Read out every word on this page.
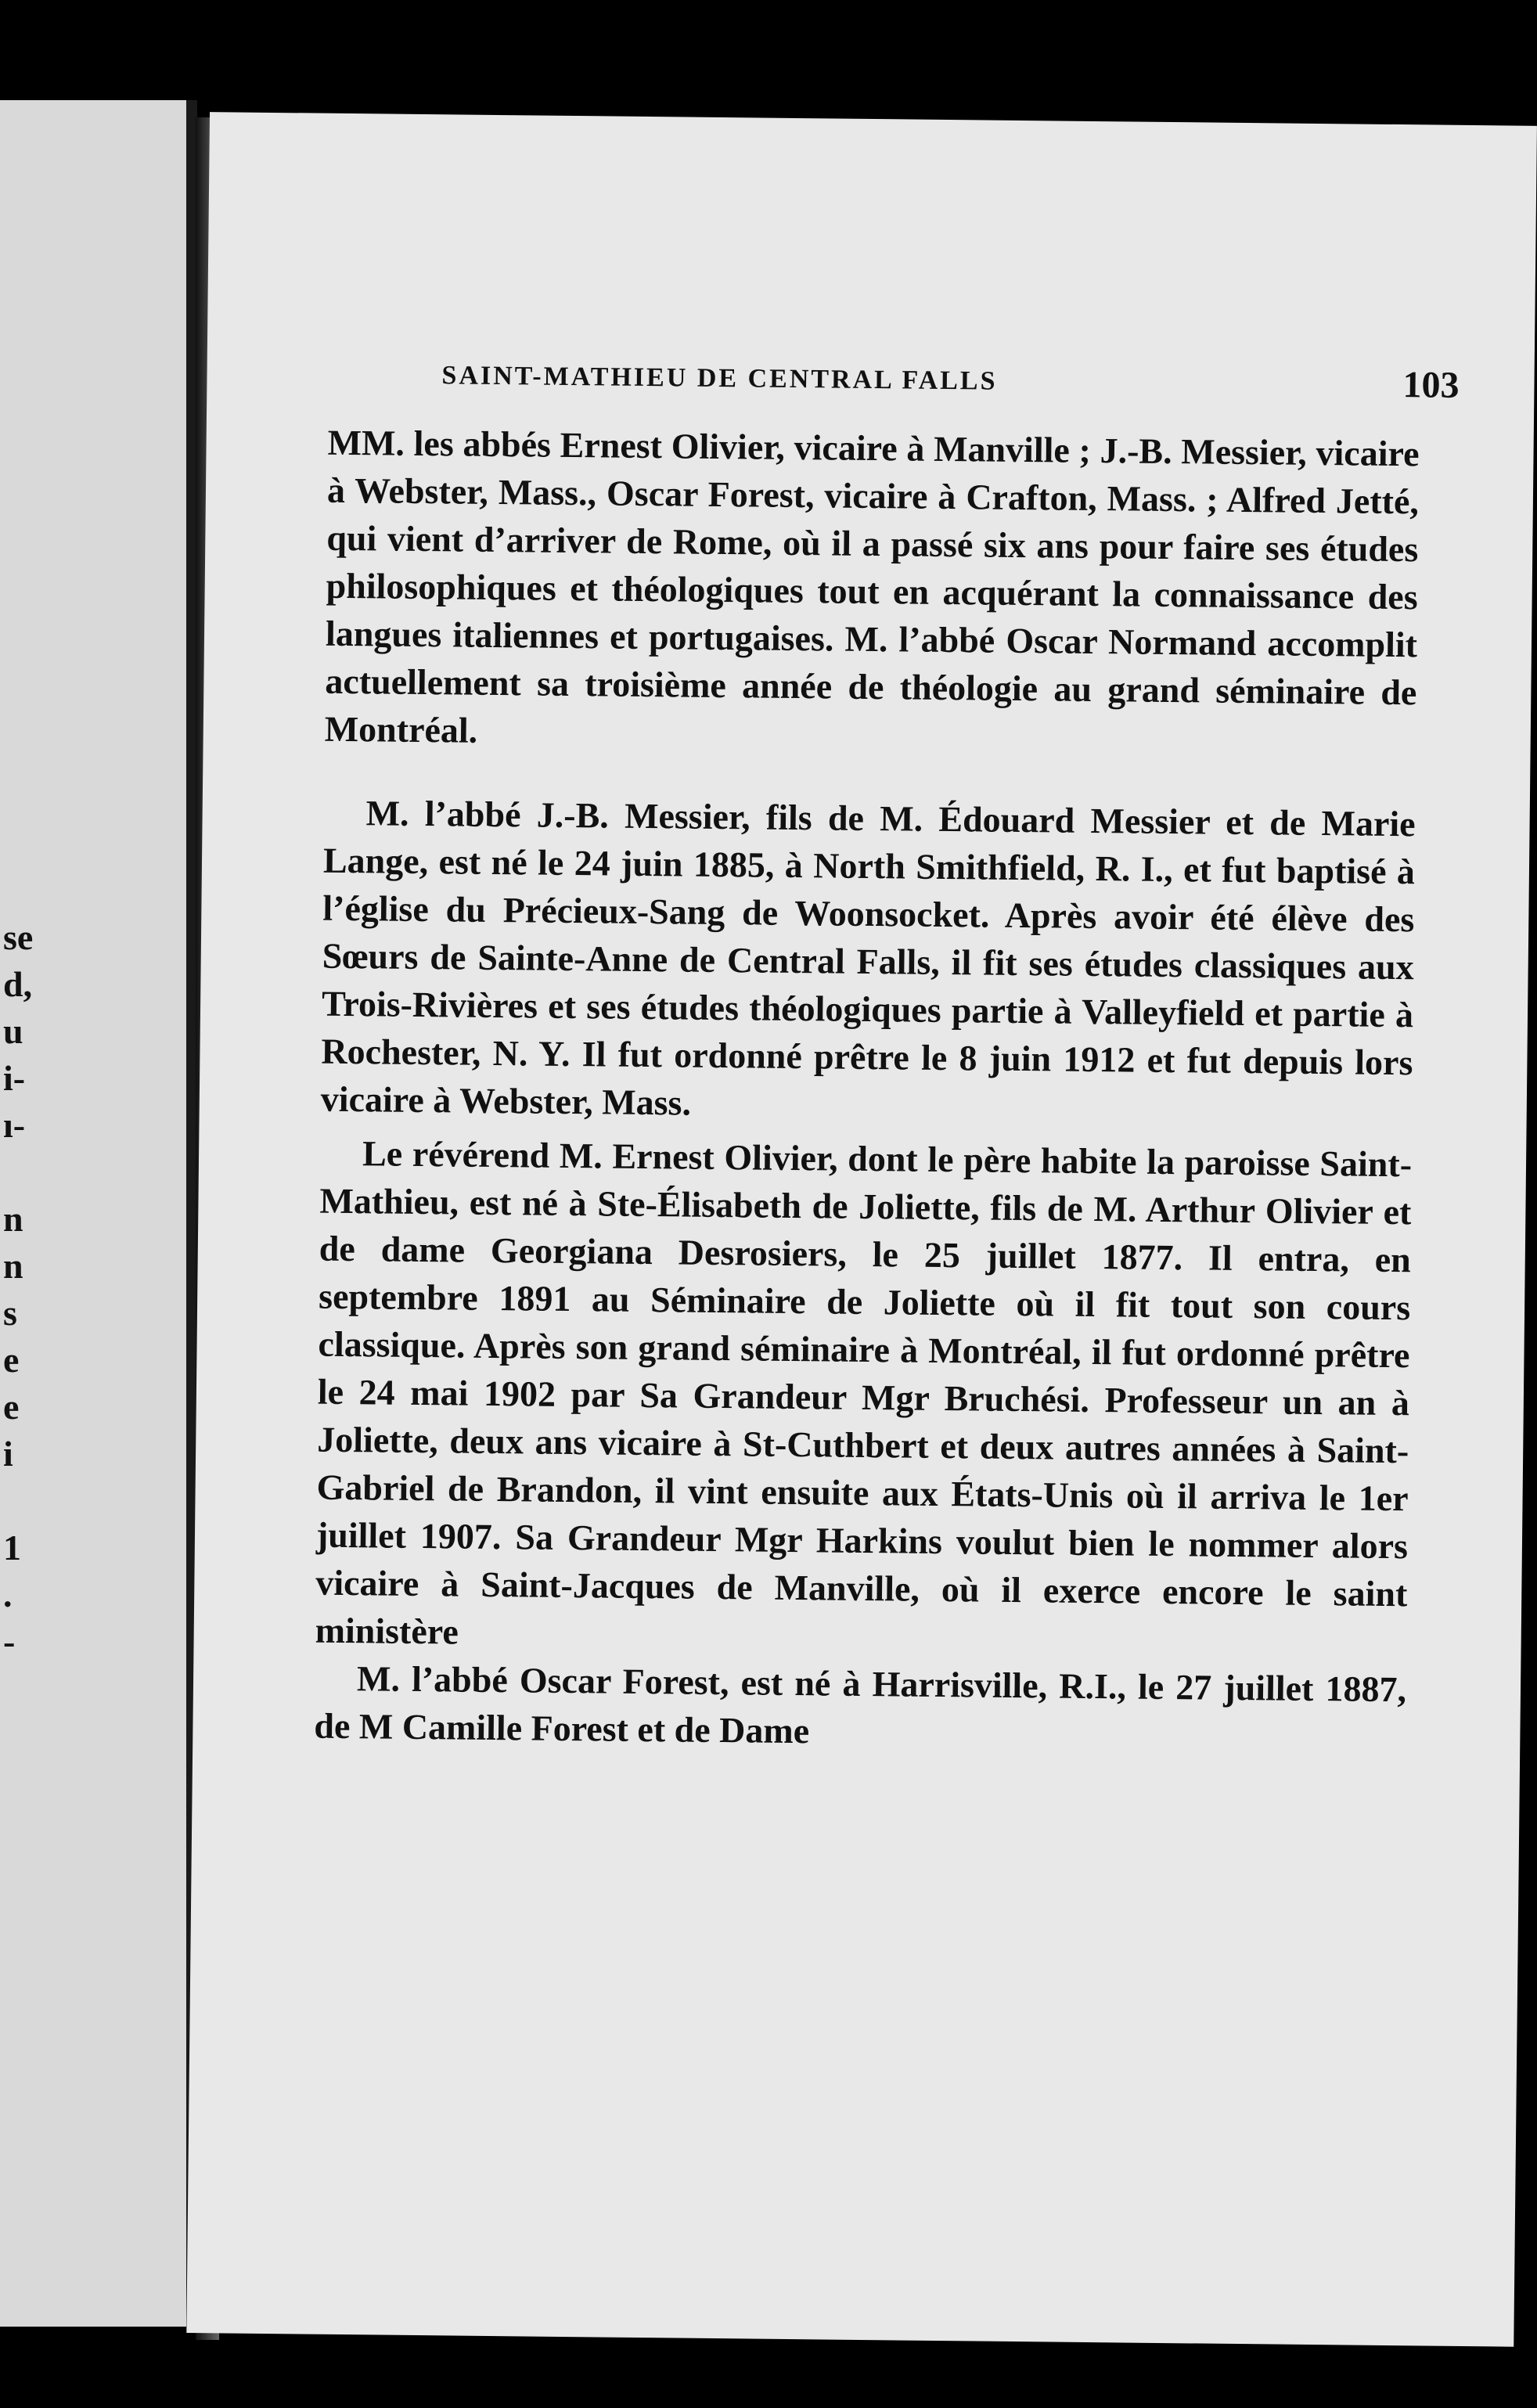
se
d,
u
i-
ı-
n
n
s
e
e
i
1
.
-
SAINT-MATHIEU DE CENTRAL FALLS	103

MM. les abbés Ernest Olivier, vicaire à Manville ; J.-B. Messier, vicaire à Webster, Mass., Oscar Forest, vicaire à Crafton, Mass. ; Alfred Jetté, qui vient d’arriver de Rome, où il a passé six ans pour faire ses études philosophiques et théologiques tout en acquérant la connaissance des langues italiennes et portugaises. M. l’abbé Oscar Normand accomplit actuellement sa troisième année de théologie au grand séminaire de Montréal.

M. l’abbé J.-B. Messier, fils de M. Édouard Messier et de Marie Lange, est né le 24 juin 1885, à North Smithfield, R. I., et fut baptisé à l’église du Précieux-Sang de Woonsocket. Après avoir été élève des Sœurs de Sainte-Anne de Central Falls, il fit ses études classiques aux Trois-Rivières et ses études théologiques partie à Valleyfield et partie à Rochester, N. Y. Il fut ordonné prêtre le 8 juin 1912 et fut depuis lors vicaire à Webster, Mass.

Le révérend M. Ernest Olivier, dont le père habite la paroisse Saint-Mathieu, est né à Ste-Élisabeth de Joliette, fils de M. Arthur Olivier et de dame Georgiana Desrosiers, le 25 juillet 1877. Il entra, en septembre 1891 au Séminaire de Joliette où il fit tout son cours classique. Après son grand séminaire à Montréal, il fut ordonné prêtre le 24 mai 1902 par Sa Grandeur Mgr Bruchési. Professeur un an à Joliette, deux ans vicaire à St-Cuthbert et deux autres années à Saint-Gabriel de Brandon, il vint ensuite aux États-Unis où il arriva le 1er juillet 1907. Sa Grandeur Mgr Harkins voulut bien le nommer alors vicaire à Saint-Jacques de Manville, où il exerce encore le saint ministère

M. l’abbé Oscar Forest, est né à Harrisville, R.I., le 27 juillet 1887, de M Camille Forest et de Dame
